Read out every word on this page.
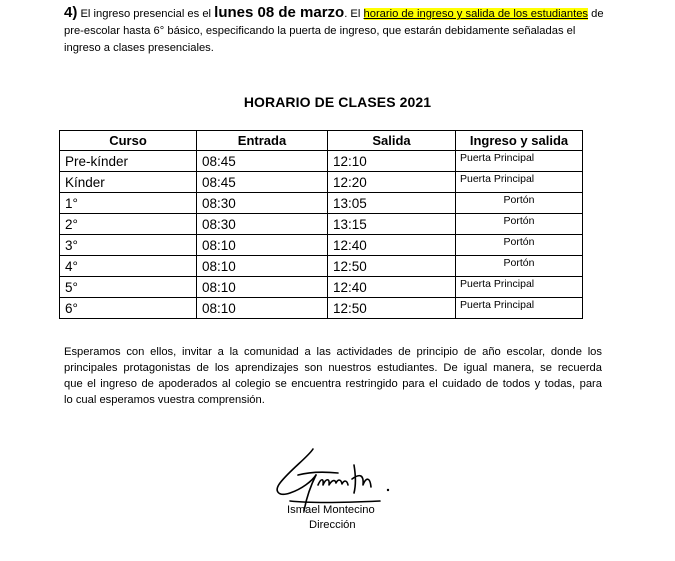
4) El ingreso presencial es el lunes 08 de marzo. El horario de ingreso y salida de los estudiantes de pre-escolar hasta 6° básico, especificando la puerta de ingreso, que estarán debidamente señaladas el ingreso a clases presenciales.
HORARIO DE CLASES 2021
Curso	Entrada	Salida	Ingreso y salida
Pre-kínder	08:45	12:10	Puerta Principal
Kínder	08:45	12:20	Puerta Principal
1°	08:30	13:05	Portón
2°	08:30	13:15	Portón
3°	08:10	12:40	Portón
4°	08:10	12:50	Portón
5°	08:10	12:40	Puerta Principal
6°	08:10	12:50	Puerta Principal
Esperamos con ellos, invitar a la comunidad a las actividades de principio de año escolar, donde los
principales protagonistas de los aprendizajes son nuestros estudiantes. De igual manera, se recuerda
que el ingreso de apoderados al colegio se encuentra restringido para el cuidado de todos y todas, para
lo cual esperamos vuestra comprensión.
Ismael Montecino
Dirección
